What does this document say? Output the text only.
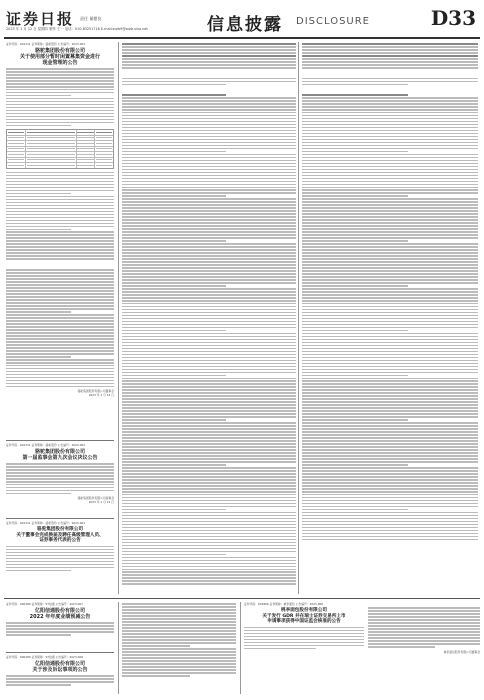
证券日报 责任 量德良
2023 年 1 月 12 日 星期四 制作 王一 电话：010-83251716 E-mail:zqrb9@zqrb.sina.net	信息披露 DISCLOSURE	D33
证券代码：601311 证券简称：骆驼股份 公告编号：2023-003
骆驼集团股份有限公司
关于使用部分暂时闲置募集资金进行
现金管理的公告
骆驼集团股份有限公司董事会
2023 年 1 月 12 日
证券代码：601311 证券简称：骆驼股份 公告编号：2023-002
骆驼集团股份有限公司
第一届监事会第九次会议决议公告
骆驼集团股份有限公司监事会
2023 年 1 月 12 日
证券代码：601311 证券简称：骆驼股份 公告编号：2023-001
骆驼集团股份有限公司
关于董事会完成换届及聘任高级管理人员、
证券事务代表的公告
证券代码：600289 证券简称：ST信通 公告编号：2023-007
亿阳信通股份有限公司
2022 年年度业绩预减公告
证券代码：600289 证券简称：ST信通 公告编号：2023-008
亿阳信通股份有限公司
关于涉及诉讼事项的公告
证券代码：603866 证券简称：桃李面包 公告编号：2023-006
桃李面包股份有限公司
关于发行 GDR 并在瑞士证券交易所上市
申请事项获得中国证监会核准的公告
桃李面包股份有限公司董事会
